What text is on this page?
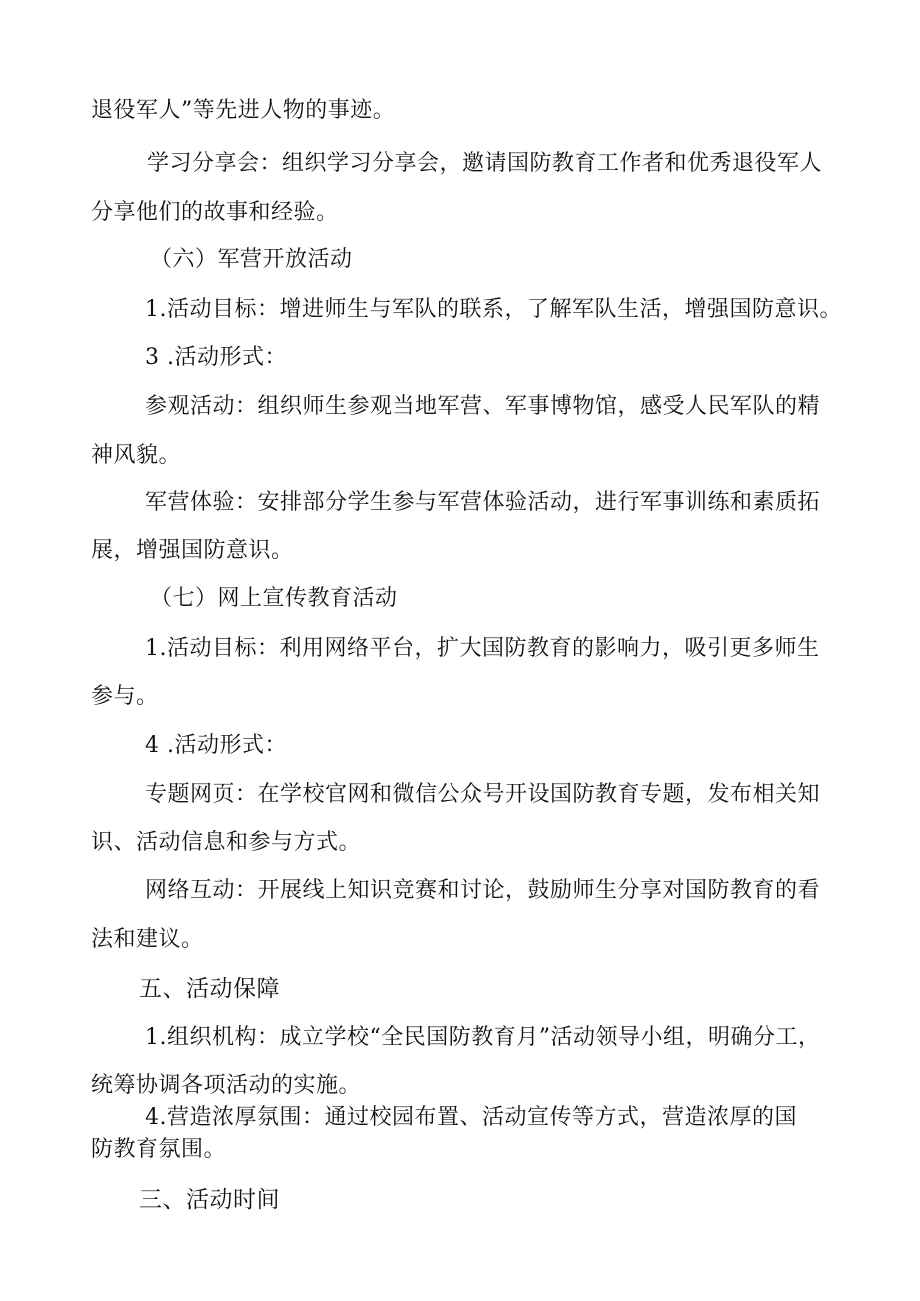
退役军人”等先进人物的事迹。
学习分享会：组织学习分享会，邀请国防教育工作者和优秀退役军人
分享他们的故事和经验。
（六）军营开放活动
1.活动目标：增进师生与军队的联系，了解军队生活，增强国防意识。
3 .活动形式：
参观活动：组织师生参观当地军营、军事博物馆，感受人民军队的精
神风貌。
军营体验：安排部分学生参与军营体验活动，进行军事训练和素质拓
展，增强国防意识。
（七）网上宣传教育活动
1.活动目标：利用网络平台，扩大国防教育的影响力，吸引更多师生
参与。
4 .活动形式：
专题网页：在学校官网和微信公众号开设国防教育专题，发布相关知
识、活动信息和参与方式。
网络互动：开展线上知识竞赛和讨论，鼓励师生分享对国防教育的看
法和建议。
五、活动保障
1.组织机构：成立学校“全民国防教育月”活动领导小组，明确分工，
统筹协调各项活动的实施。
4.营造浓厚氛围：通过校园布置、活动宣传等方式，营造浓厚的国
防教育氛围。
三、活动时间
